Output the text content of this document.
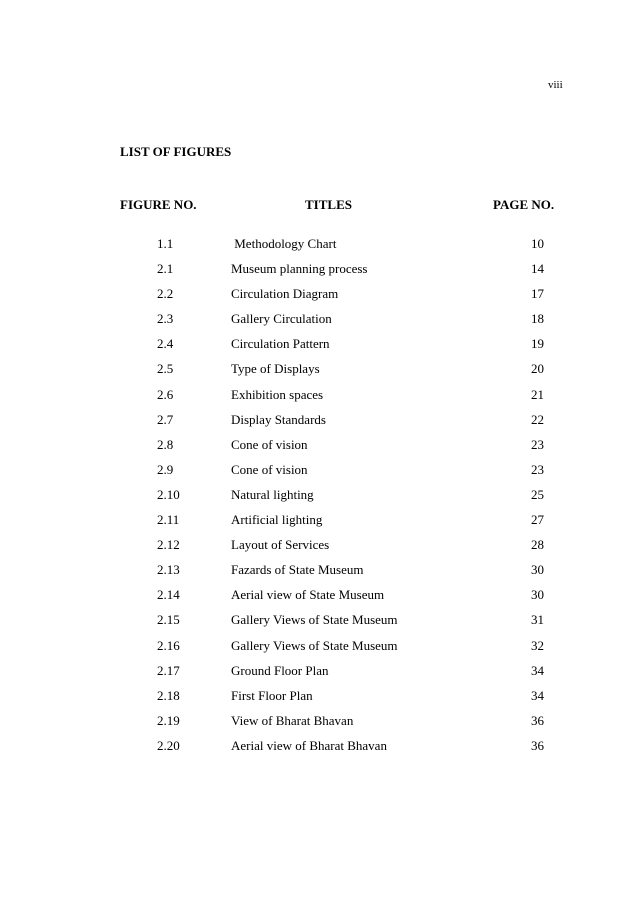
viii
LIST OF FIGURES
FIGURE NO.	TITLES	PAGE NO.
1.1	Methodology Chart	10
2.1	Museum planning process	14
2.2	Circulation Diagram	17
2.3	Gallery Circulation	18
2.4	Circulation Pattern	19
2.5	Type of Displays	20
2.6	Exhibition spaces	21
2.7	Display Standards	22
2.8	Cone of vision	23
2.9	Cone of vision	23
2.10	Natural lighting	25
2.11	Artificial lighting	27
2.12	Layout of Services	28
2.13	Fazards of State Museum	30
2.14	Aerial view of State Museum	30
2.15	Gallery Views of State Museum	31
2.16	Gallery Views of State Museum	32
2.17	Ground Floor Plan	34
2.18	First Floor Plan	34
2.19	View of Bharat Bhavan	36
2.20	Aerial view of Bharat Bhavan	36
